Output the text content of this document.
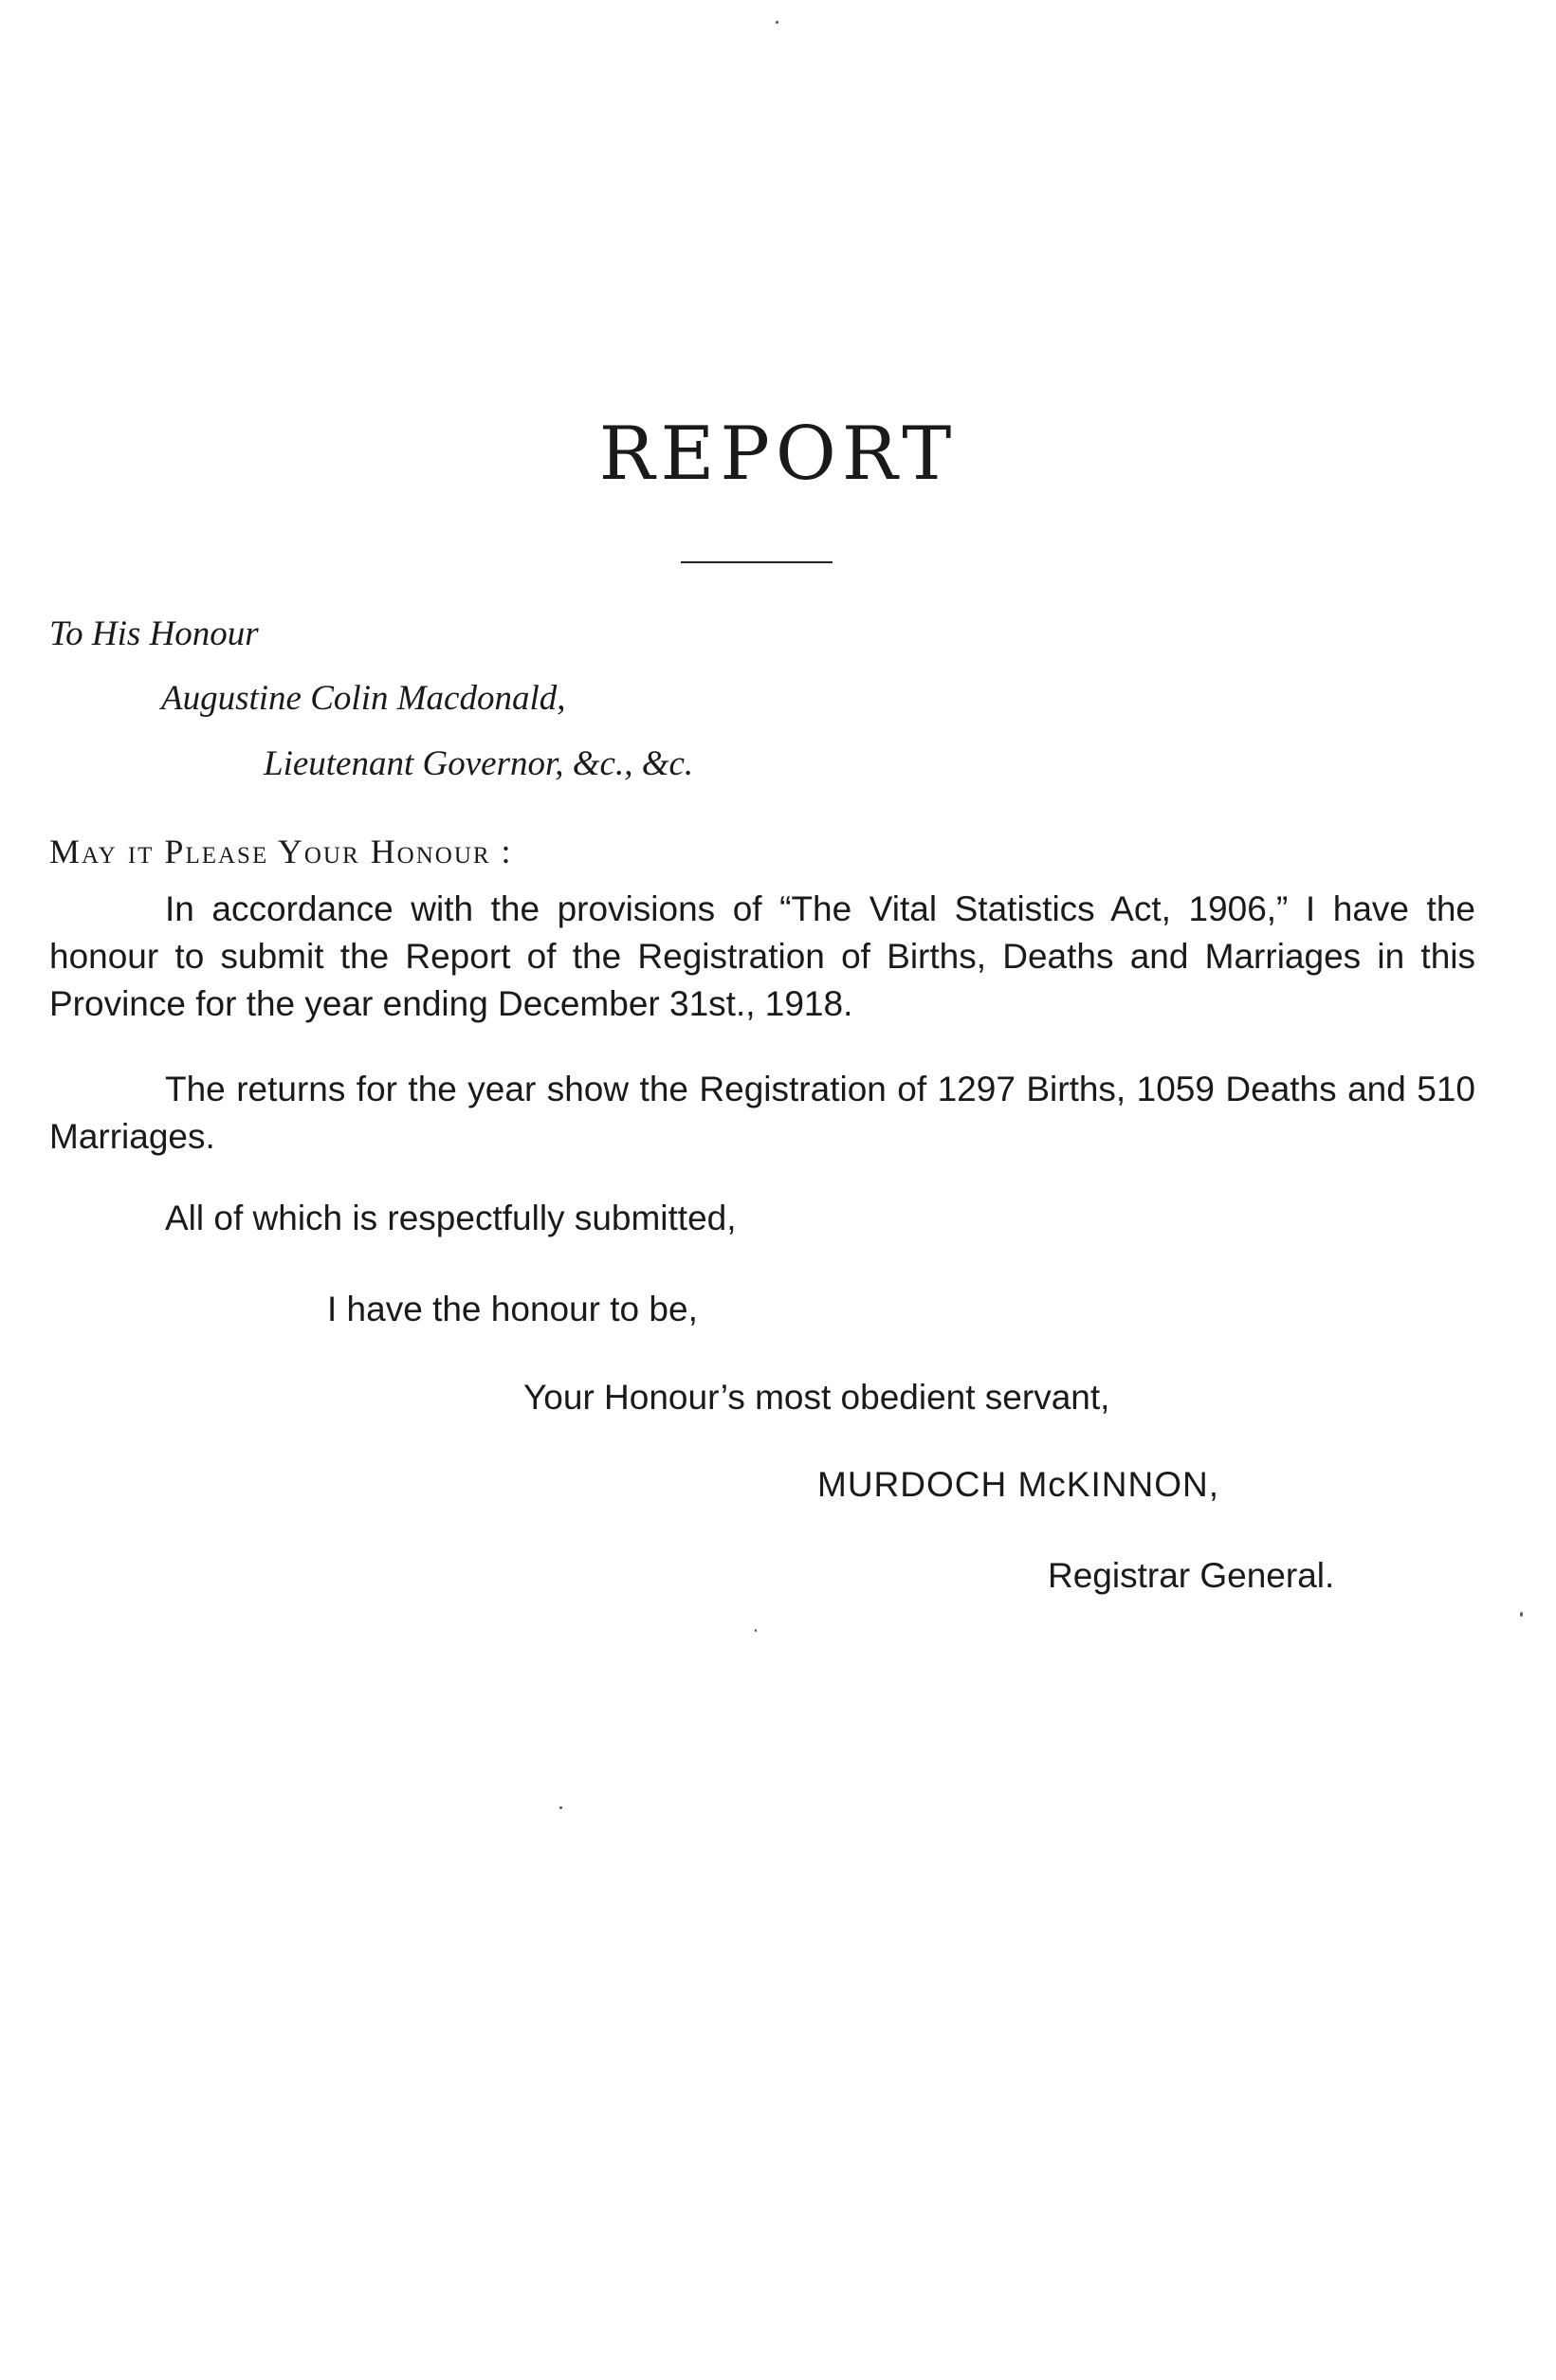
REPORT
To His Honour
Augustine Colin Macdonald,
Lieutenant Governor, &c., &c.
May it Please Your Honour :

In accordance with the provisions of “The Vital Statistics Act, 1906,” I have the honour to submit the Report of the Registration of Births, Deaths and Marriages in this Province for the year ending December 31st., 1918.

The returns for the year show the Registration of 1297 Births, 1059 Deaths and 510 Marriages.

All of which is respectfully submitted,

I have the honour to be,
Your Honour’s most obedient servant,
MURDOCH McKINNON,
Registrar General.
